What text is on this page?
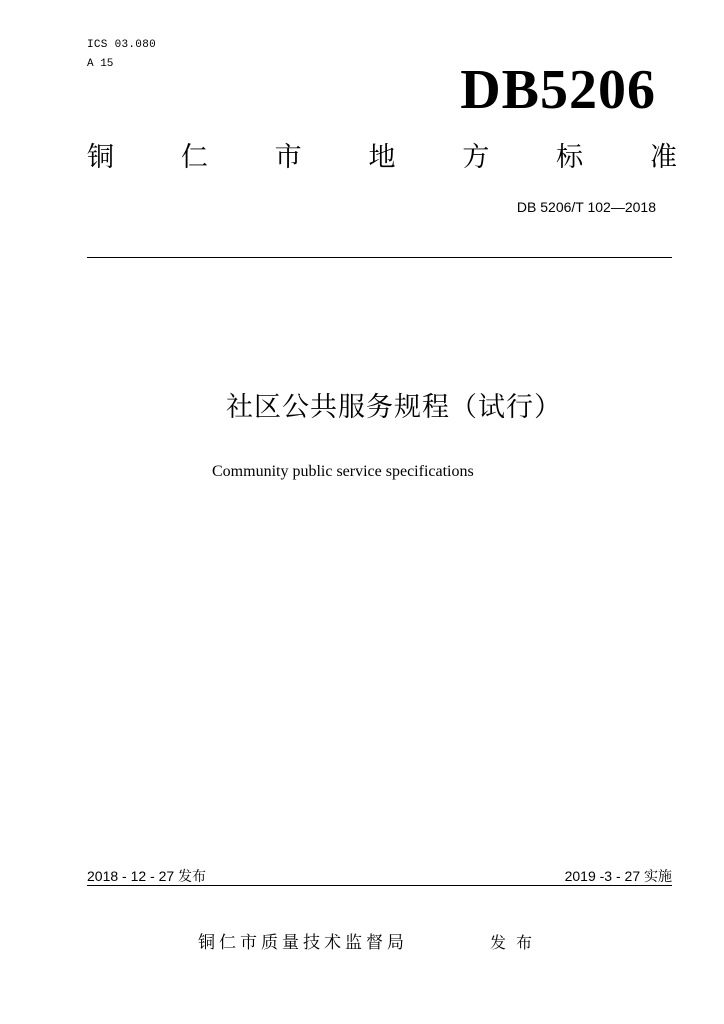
ICS 03.080
A 15	DB5206
铜 仁 市 地 方 标 准
DB 5206/T 102—2018
社区公共服务规程（试行）
Community public service specifications
2018 - 12 - 27 发布	2019 -3 - 27 实施
铜仁市质量技术监督局	发布
